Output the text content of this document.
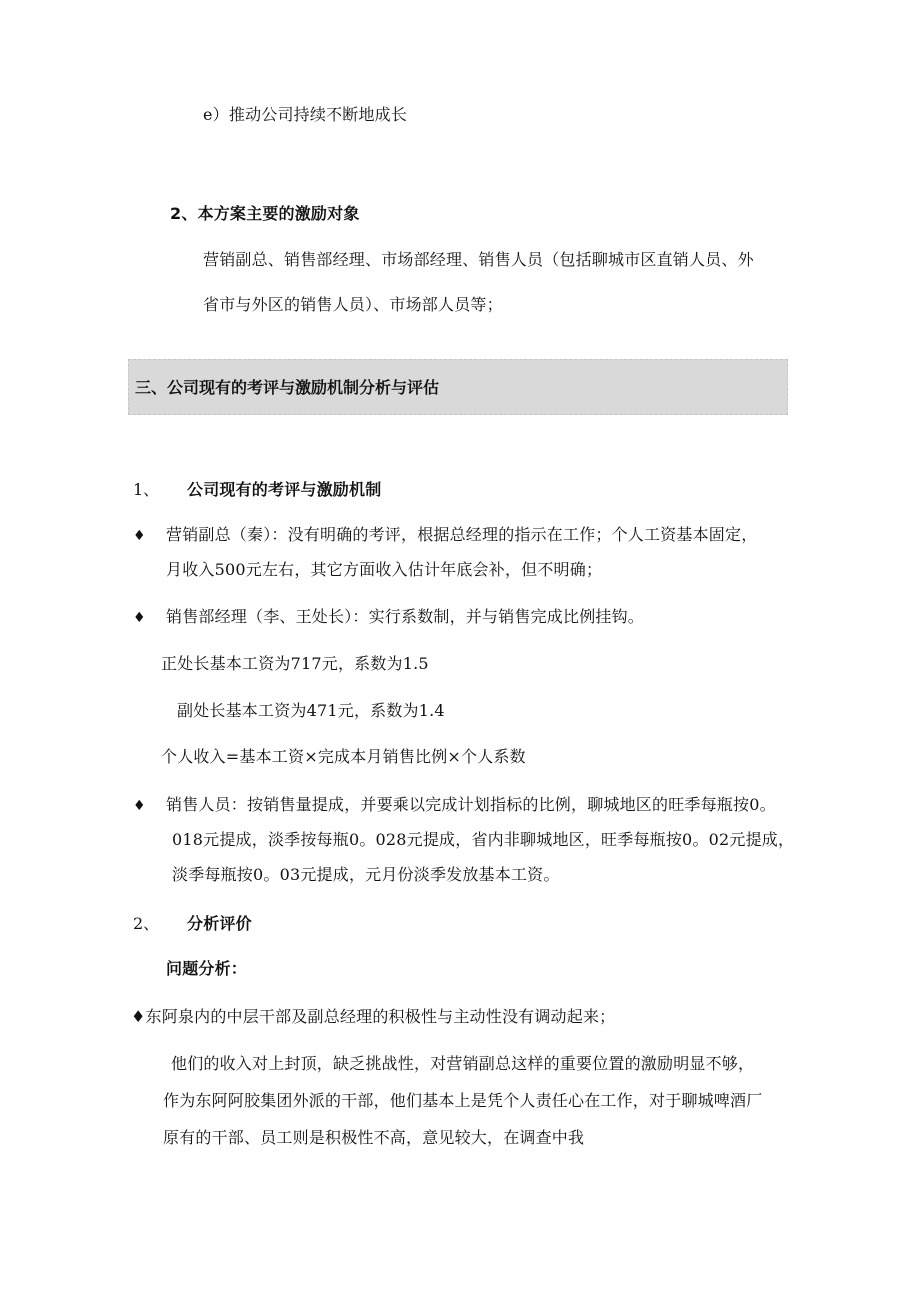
e）推动公司持续不断地成长
2、本方案主要的激励对象
营销副总、销售部经理、市场部经理、销售人员（包括聊城市区直销人员、外
省市与外区的销售人员）、市场部人员等；
三、公司现有的考评与激励机制分析与评估
1、 公司现有的考评与激励机制
♦ 营销副总（秦）：没有明确的考评，根据总经理的指示在工作；个人工资基本固定，
月收入500元左右，其它方面收入估计年底会补，但不明确；
♦ 销售部经理（李、王处长）：实行系数制，并与销售完成比例挂钩。
正处长基本工资为717元，系数为1.5
副处长基本工资为471元，系数为1.4
个人收入=基本工资×完成本月销售比例×个人系数
♦ 销售人员：按销售量提成，并要乘以完成计划指标的比例，聊城地区的旺季每瓶按0。
018元提成，淡季按每瓶0。028元提成，省内非聊城地区，旺季每瓶按0。02元提成，
淡季每瓶按0。03元提成，元月份淡季发放基本工资。
2、 分析评价
问题分析：
♦东阿泉内的中层干部及副总经理的积极性与主动性没有调动起来；
他们的收入对上封顶，缺乏挑战性，对营销副总这样的重要位置的激励明显不够，
作为东阿阿胶集团外派的干部，他们基本上是凭个人责任心在工作，对于聊城啤酒厂
原有的干部、员工则是积极性不高，意见较大，在调查中我
